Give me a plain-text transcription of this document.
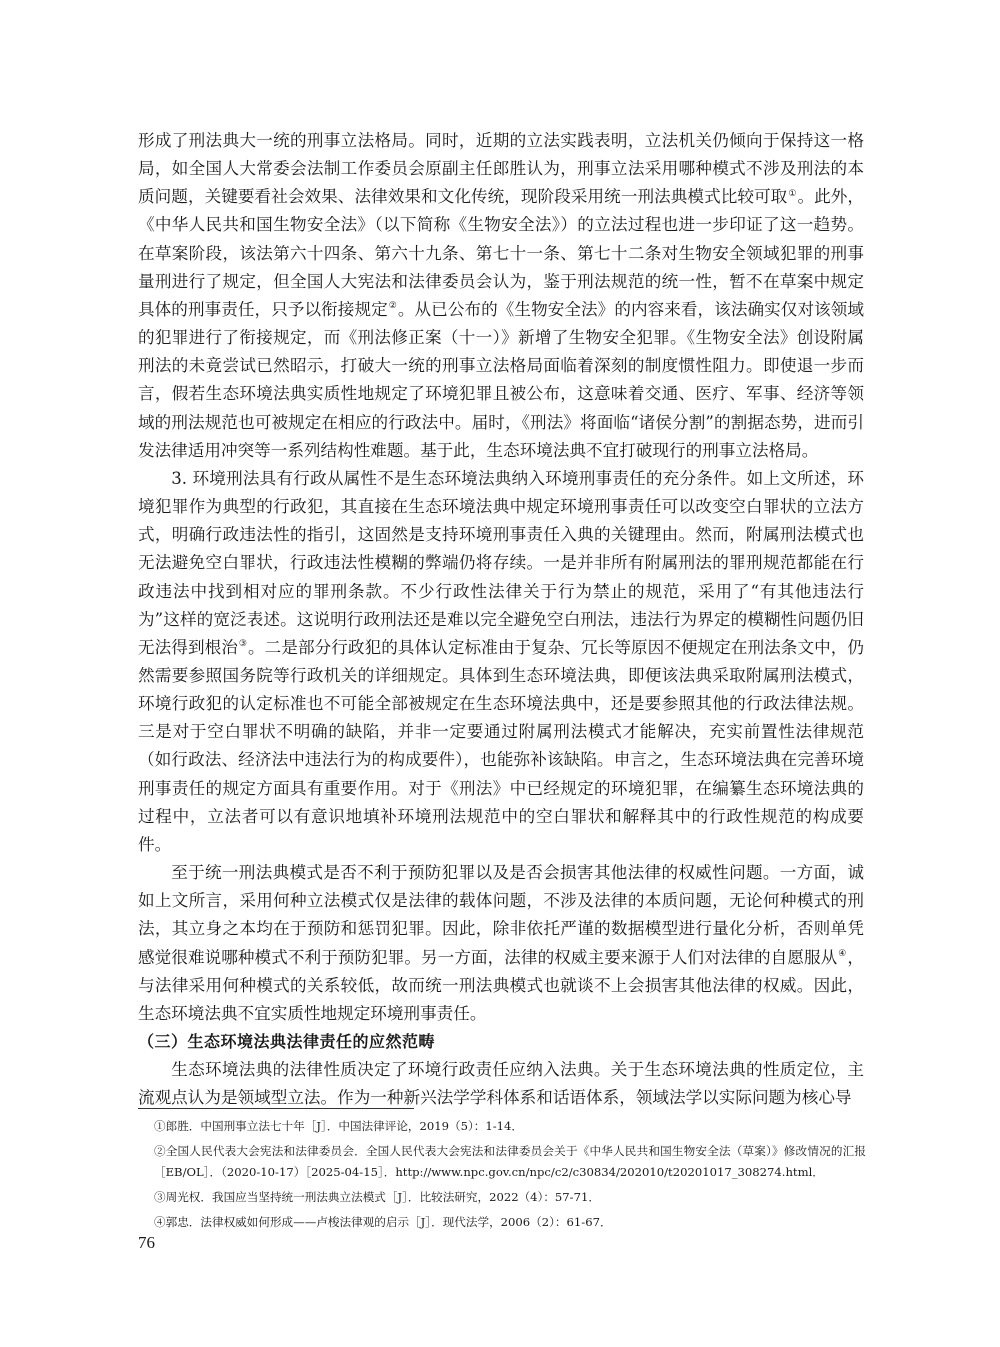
形成了刑法典大一统的刑事立法格局。同时，近期的立法实践表明，立法机关仍倾向于保持这一格局，如全国人大常委会法制工作委员会原副主任郎胜认为，刑事立法采用哪种模式不涉及刑法的本质问题，关键要看社会效果、法律效果和文化传统，现阶段采用统一刑法典模式比较可取①。此外，《中华人民共和国生物安全法》（以下简称《生物安全法》）的立法过程也进一步印证了这一趋势。在草案阶段，该法第六十四条、第六十九条、第七十一条、第七十二条对生物安全领域犯罪的刑事量刑进行了规定，但全国人大宪法和法律委员会认为，鉴于刑法规范的统一性，暂不在草案中规定具体的刑事责任，只予以衔接规定②。从已公布的《生物安全法》的内容来看，该法确实仅对该领域的犯罪进行了衔接规定，而《刑法修正案（十一）》新增了生物安全犯罪。《生物安全法》创设附属刑法的未竟尝试已然昭示，打破大一统的刑事立法格局面临着深刻的制度惯性阻力。即使退一步而言，假若生态环境法典实质性地规定了环境犯罪且被公布，这意味着交通、医疗、军事、经济等领域的刑法规范也可被规定在相应的行政法中。届时，《刑法》将面临“诸侯分割”的割据态势，进而引发法律适用冲突等一系列结构性难题。基于此，生态环境法典不宜打破现行的刑事立法格局。

3. 环境刑法具有行政从属性不是生态环境法典纳入环境刑事责任的充分条件。如上文所述，环境犯罪作为典型的行政犯，其直接在生态环境法典中规定环境刑事责任可以改变空白罪状的立法方式，明确行政违法性的指引，这固然是支持环境刑事责任入典的关键理由。然而，附属刑法模式也无法避免空白罪状，行政违法性模糊的弊端仍将存续。一是并非所有附属刑法的罪刑规范都能在行政违法中找到相对应的罪刑条款。不少行政性法律关于行为禁止的规范，采用了“有其他违法行为”这样的宽泛表述。这说明行政刑法还是难以完全避免空白刑法，违法行为界定的模糊性问题仍旧无法得到根治③。二是部分行政犯的具体认定标准由于复杂、冗长等原因不便规定在刑法条文中，仍然需要参照国务院等行政机关的详细规定。具体到生态环境法典，即便该法典采取附属刑法模式，环境行政犯的认定标准也不可能全部被规定在生态环境法典中，还是要参照其他的行政法律法规。三是对于空白罪状不明确的缺陷，并非一定要通过附属刑法模式才能解决，充实前置性法律规范（如行政法、经济法中违法行为的构成要件），也能弥补该缺陷。申言之，生态环境法典在完善环境刑事责任的规定方面具有重要作用。对于《刑法》中已经规定的环境犯罪，在编纂生态环境法典的过程中，立法者可以有意识地填补环境刑法规范中的空白罪状和解释其中的行政性规范的构成要件。

至于统一刑法典模式是否不利于预防犯罪以及是否会损害其他法律的权威性问题。一方面，诚如上文所言，采用何种立法模式仅是法律的载体问题，不涉及法律的本质问题，无论何种模式的刑法，其立身之本均在于预防和惩罚犯罪。因此，除非依托严谨的数据模型进行量化分析，否则单凭感觉很难说哪种模式不利于预防犯罪。另一方面，法律的权威主要来源于人们对法律的自愿服从④，与法律采用何种模式的关系较低，故而统一刑法典模式也就谈不上会损害其他法律的权威。因此，生态环境法典不宜实质性地规定环境刑事责任。

（三）生态环境法典法律责任的应然范畴

生态环境法典的法律性质决定了环境行政责任应纳入法典。关于生态环境法典的性质定位，主流观点认为是领域型立法。作为一种新兴法学学科体系和话语体系，领域法学以实际问题为核心导

①郎胜．中国刑事立法七十年［J］．中国法律评论，2019（5）：1-14．
②全国人民代表大会宪法和法律委员会．全国人民代表大会宪法和法律委员会关于《中华人民共和国生物安全法（草案）》修改情况的汇报［EB/OL］．（2020-10-17）［2025-04-15］．http://www.npc.gov.cn/npc/c2/c30834/202010/t20201017_308274.html．
③周光权．我国应当坚持统一刑法典立法模式［J］．比较法研究，2022（4）：57-71．
④郭忠．法律权威如何形成——卢梭法律观的启示［J］．现代法学，2006（2）：61-67．
76
